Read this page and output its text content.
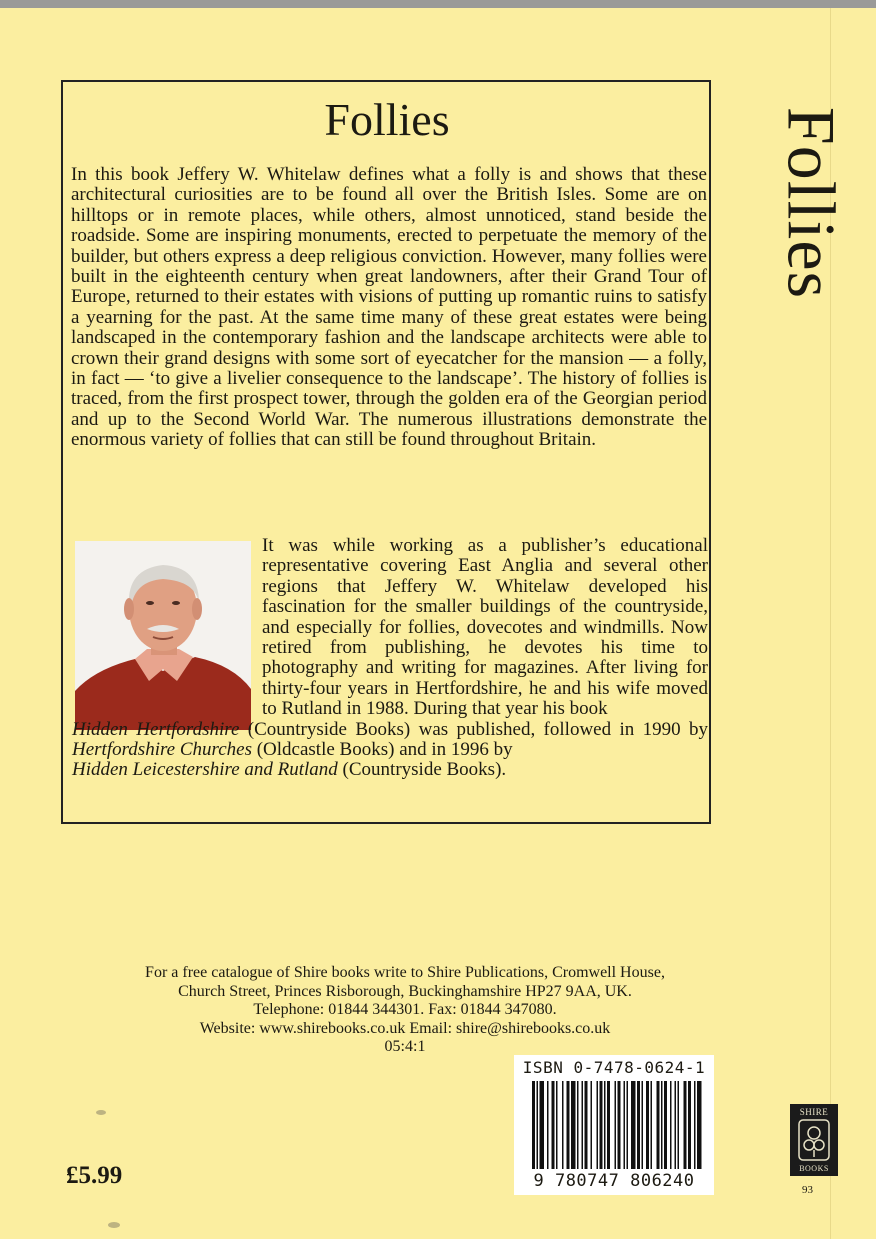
Follies
In this book Jeffery W. Whitelaw defines what a folly is and shows that these architectural curiosities are to be found all over the British Isles. Some are on hilltops or in remote places, while others, almost unnoticed, stand beside the roadside. Some are inspiring monuments, erected to perpetuate the memory of the builder, but others express a deep religious conviction. However, many follies were built in the eighteenth century when great landowners, after their Grand Tour of Europe, returned to their estates with visions of putting up romantic ruins to satisfy a yearning for the past. At the same time many of these great estates were being landscaped in the contemporary fashion and the landscape architects were able to crown their grand designs with some sort of eyecatcher for the mansion — a folly, in fact — ‘to give a livelier consequence to the landscape’. The history of follies is traced, from the first prospect tower, through the golden era of the Georgian period and up to the Second World War. The numerous illustrations demonstrate the enormous variety of follies that can still be found throughout Britain.
It was while working as a publisher’s educational representative covering East Anglia and several other regions that Jeffery W. Whitelaw developed his fascination for the smaller buildings of the countryside, and especially for follies, dovecotes and windmills. Now retired from publishing, he devotes his time to photography and writing for magazines. After living for thirty-four years in Hertfordshire, he and his wife moved to Rutland in 1988. During that year his book
Hidden Hertfordshire (Countryside Books) was published, followed in 1990 by Hertfordshire Churches (Oldcastle Books) and in 1996 by
Hidden Leicestershire and Rutland (Countryside Books).
Follies
For a free catalogue of Shire books write to Shire Publications, Cromwell House,
Church Street, Princes Risborough, Buckinghamshire HP27 9AA, UK.
Telephone: 01844 344301. Fax: 01844 347080.
Website: www.shirebooks.co.uk Email: shire@shirebooks.co.uk
05:4:1
ISBN 0-7478-0624-1
9 780747 806240
£5.99
SHIRE
BOOKS
93
